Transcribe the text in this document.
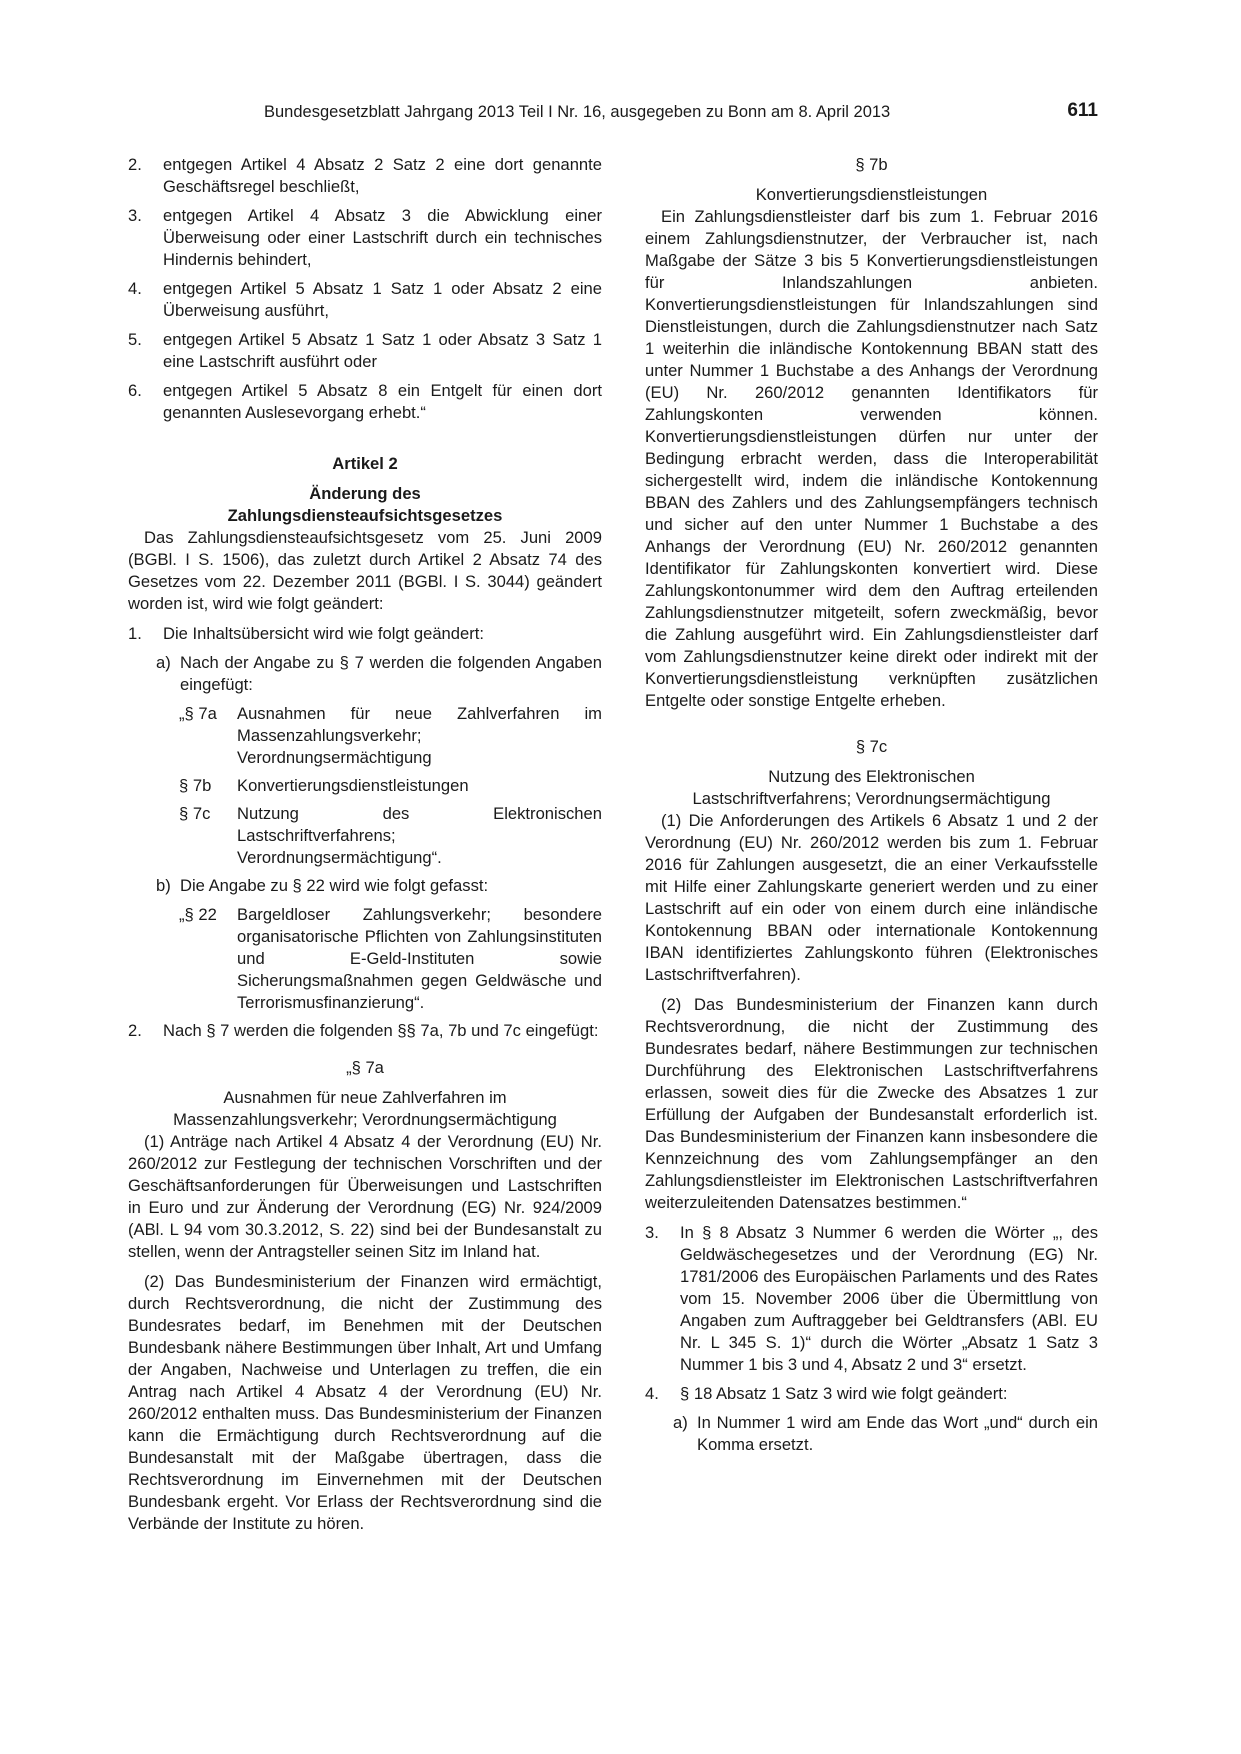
Bundesgesetzblatt Jahrgang 2013 Teil I Nr. 16, ausgegeben zu Bonn am 8. April 2013	611
2.	entgegen Artikel 4 Absatz 2 Satz 2 eine dort genannte Geschäftsregel beschließt,
3.	entgegen Artikel 4 Absatz 3 die Abwicklung einer Überweisung oder einer Lastschrift durch ein technisches Hindernis behindert,
4.	entgegen Artikel 5 Absatz 1 Satz 1 oder Absatz 2 eine Überweisung ausführt,
5.	entgegen Artikel 5 Absatz 1 Satz 1 oder Absatz 3 Satz 1 eine Lastschrift ausführt oder
6.	entgegen Artikel 5 Absatz 8 ein Entgelt für einen dort genannten Auslesevorgang erhebt.“

Artikel 2

Änderung des

Zahlungsdiensteaufsichtsgesetzes

Das Zahlungsdiensteaufsichtsgesetz vom 25. Juni 2009 (BGBl. I S. 1506), das zuletzt durch Artikel 2 Absatz 74 des Gesetzes vom 22. Dezember 2011 (BGBl. I S. 3044) geändert worden ist, wird wie folgt geändert:

1.	Die Inhaltsübersicht wird wie folgt geändert:
a) Nach der Angabe zu § 7 werden die folgenden Angaben eingefügt:
„§ 7a	Ausnahmen für neue Zahlverfahren im Massenzahlungsverkehr; Verordnungsermächtigung
§ 7b	Konvertierungsdienstleistungen
§ 7c	Nutzung des Elektronischen Lastschriftverfahrens; Verordnungsermächtigung“.
b) Die Angabe zu § 22 wird wie folgt gefasst:
„§ 22	Bargeldloser Zahlungsverkehr; besondere organisatorische Pflichten von Zahlungsinstituten und E-Geld-Instituten sowie Sicherungsmaßnahmen gegen Geldwäsche und Terrorismusfinanzierung“.
2.	Nach § 7 werden die folgenden §§ 7a, 7b und 7c eingefügt:

„§ 7a

Ausnahmen für neue Zahlverfahren im

Massenzahlungsverkehr; Verordnungsermächtigung

(1) Anträge nach Artikel 4 Absatz 4 der Verordnung (EU) Nr. 260/2012 zur Festlegung der technischen Vorschriften und der Geschäftsanforderungen für Überweisungen und Lastschriften in Euro und zur Änderung der Verordnung (EG) Nr. 924/2009 (ABl. L 94 vom 30.3.2012, S. 22) sind bei der Bundesanstalt zu stellen, wenn der Antragsteller seinen Sitz im Inland hat.

(2) Das Bundesministerium der Finanzen wird ermächtigt, durch Rechtsverordnung, die nicht der Zustimmung des Bundesrates bedarf, im Benehmen mit der Deutschen Bundesbank nähere Bestimmungen über Inhalt, Art und Umfang der Angaben, Nachweise und Unterlagen zu treffen, die ein Antrag nach Artikel 4 Absatz 4 der Verordnung (EU) Nr. 260/2012 enthalten muss. Das Bundesministerium der Finanzen kann die Ermächtigung durch Rechtsverordnung auf die Bundesanstalt mit der Maßgabe übertragen, dass die Rechtsverordnung im Einvernehmen mit der Deutschen Bundesbank ergeht. Vor Erlass der Rechtsverordnung sind die Verbände der Institute zu hören.

§ 7b

Konvertierungsdienstleistungen

Ein Zahlungsdienstleister darf bis zum 1. Februar 2016 einem Zahlungsdienstnutzer, der Verbraucher ist, nach Maßgabe der Sätze 3 bis 5 Konvertierungsdienstleistungen für Inlandszahlungen anbieten. Konvertierungsdienstleistungen für Inlandszahlungen sind Dienstleistungen, durch die Zahlungsdienstnutzer nach Satz 1 weiterhin die inländische Kontokennung BBAN statt des unter Nummer 1 Buchstabe a des Anhangs der Verordnung (EU) Nr. 260/2012 genannten Identifikators für Zahlungskonten verwenden können. Konvertierungsdienstleistungen dürfen nur unter der Bedingung erbracht werden, dass die Interoperabilität sichergestellt wird, indem die inländische Kontokennung BBAN des Zahlers und des Zahlungsempfängers technisch und sicher auf den unter Nummer 1 Buchstabe a des Anhangs der Verordnung (EU) Nr. 260/2012 genannten Identifikator für Zahlungskonten konvertiert wird. Diese Zahlungskontonummer wird dem den Auftrag erteilenden Zahlungsdienstnutzer mitgeteilt, sofern zweckmäßig, bevor die Zahlung ausgeführt wird. Ein Zahlungsdienstleister darf vom Zahlungsdienstnutzer keine direkt oder indirekt mit der Konvertierungsdienstleistung verknüpften zusätzlichen Entgelte oder sonstige Entgelte erheben.

§ 7c

Nutzung des Elektronischen

Lastschriftverfahrens; Verordnungsermächtigung

(1) Die Anforderungen des Artikels 6 Absatz 1 und 2 der Verordnung (EU) Nr. 260/2012 werden bis zum 1. Februar 2016 für Zahlungen ausgesetzt, die an einer Verkaufsstelle mit Hilfe einer Zahlungskarte generiert werden und zu einer Lastschrift auf ein oder von einem durch eine inländische Kontokennung BBAN oder internationale Kontokennung IBAN identifiziertes Zahlungskonto führen (Elektronisches Lastschriftverfahren).

(2) Das Bundesministerium der Finanzen kann durch Rechtsverordnung, die nicht der Zustimmung des Bundesrates bedarf, nähere Bestimmungen zur technischen Durchführung des Elektronischen Lastschriftverfahrens erlassen, soweit dies für die Zwecke des Absatzes 1 zur Erfüllung der Aufgaben der Bundesanstalt erforderlich ist. Das Bundesministerium der Finanzen kann insbesondere die Kennzeichnung des vom Zahlungsempfänger an den Zahlungsdienstleister im Elektronischen Lastschriftverfahren weiterzuleitenden Datensatzes bestimmen.“

3.	In § 8 Absatz 3 Nummer 6 werden die Wörter „, des Geldwäschegesetzes und der Verordnung (EG) Nr. 1781/2006 des Europäischen Parlaments und des Rates vom 15. November 2006 über die Übermittlung von Angaben zum Auftraggeber bei Geldtransfers (ABl. EU Nr. L 345 S. 1)“ durch die Wörter „Absatz 1 Satz 3 Nummer 1 bis 3 und 4, Absatz 2 und 3“ ersetzt.
4.	§ 18 Absatz 1 Satz 3 wird wie folgt geändert:
a) In Nummer 1 wird am Ende das Wort „und“ durch ein Komma ersetzt.
